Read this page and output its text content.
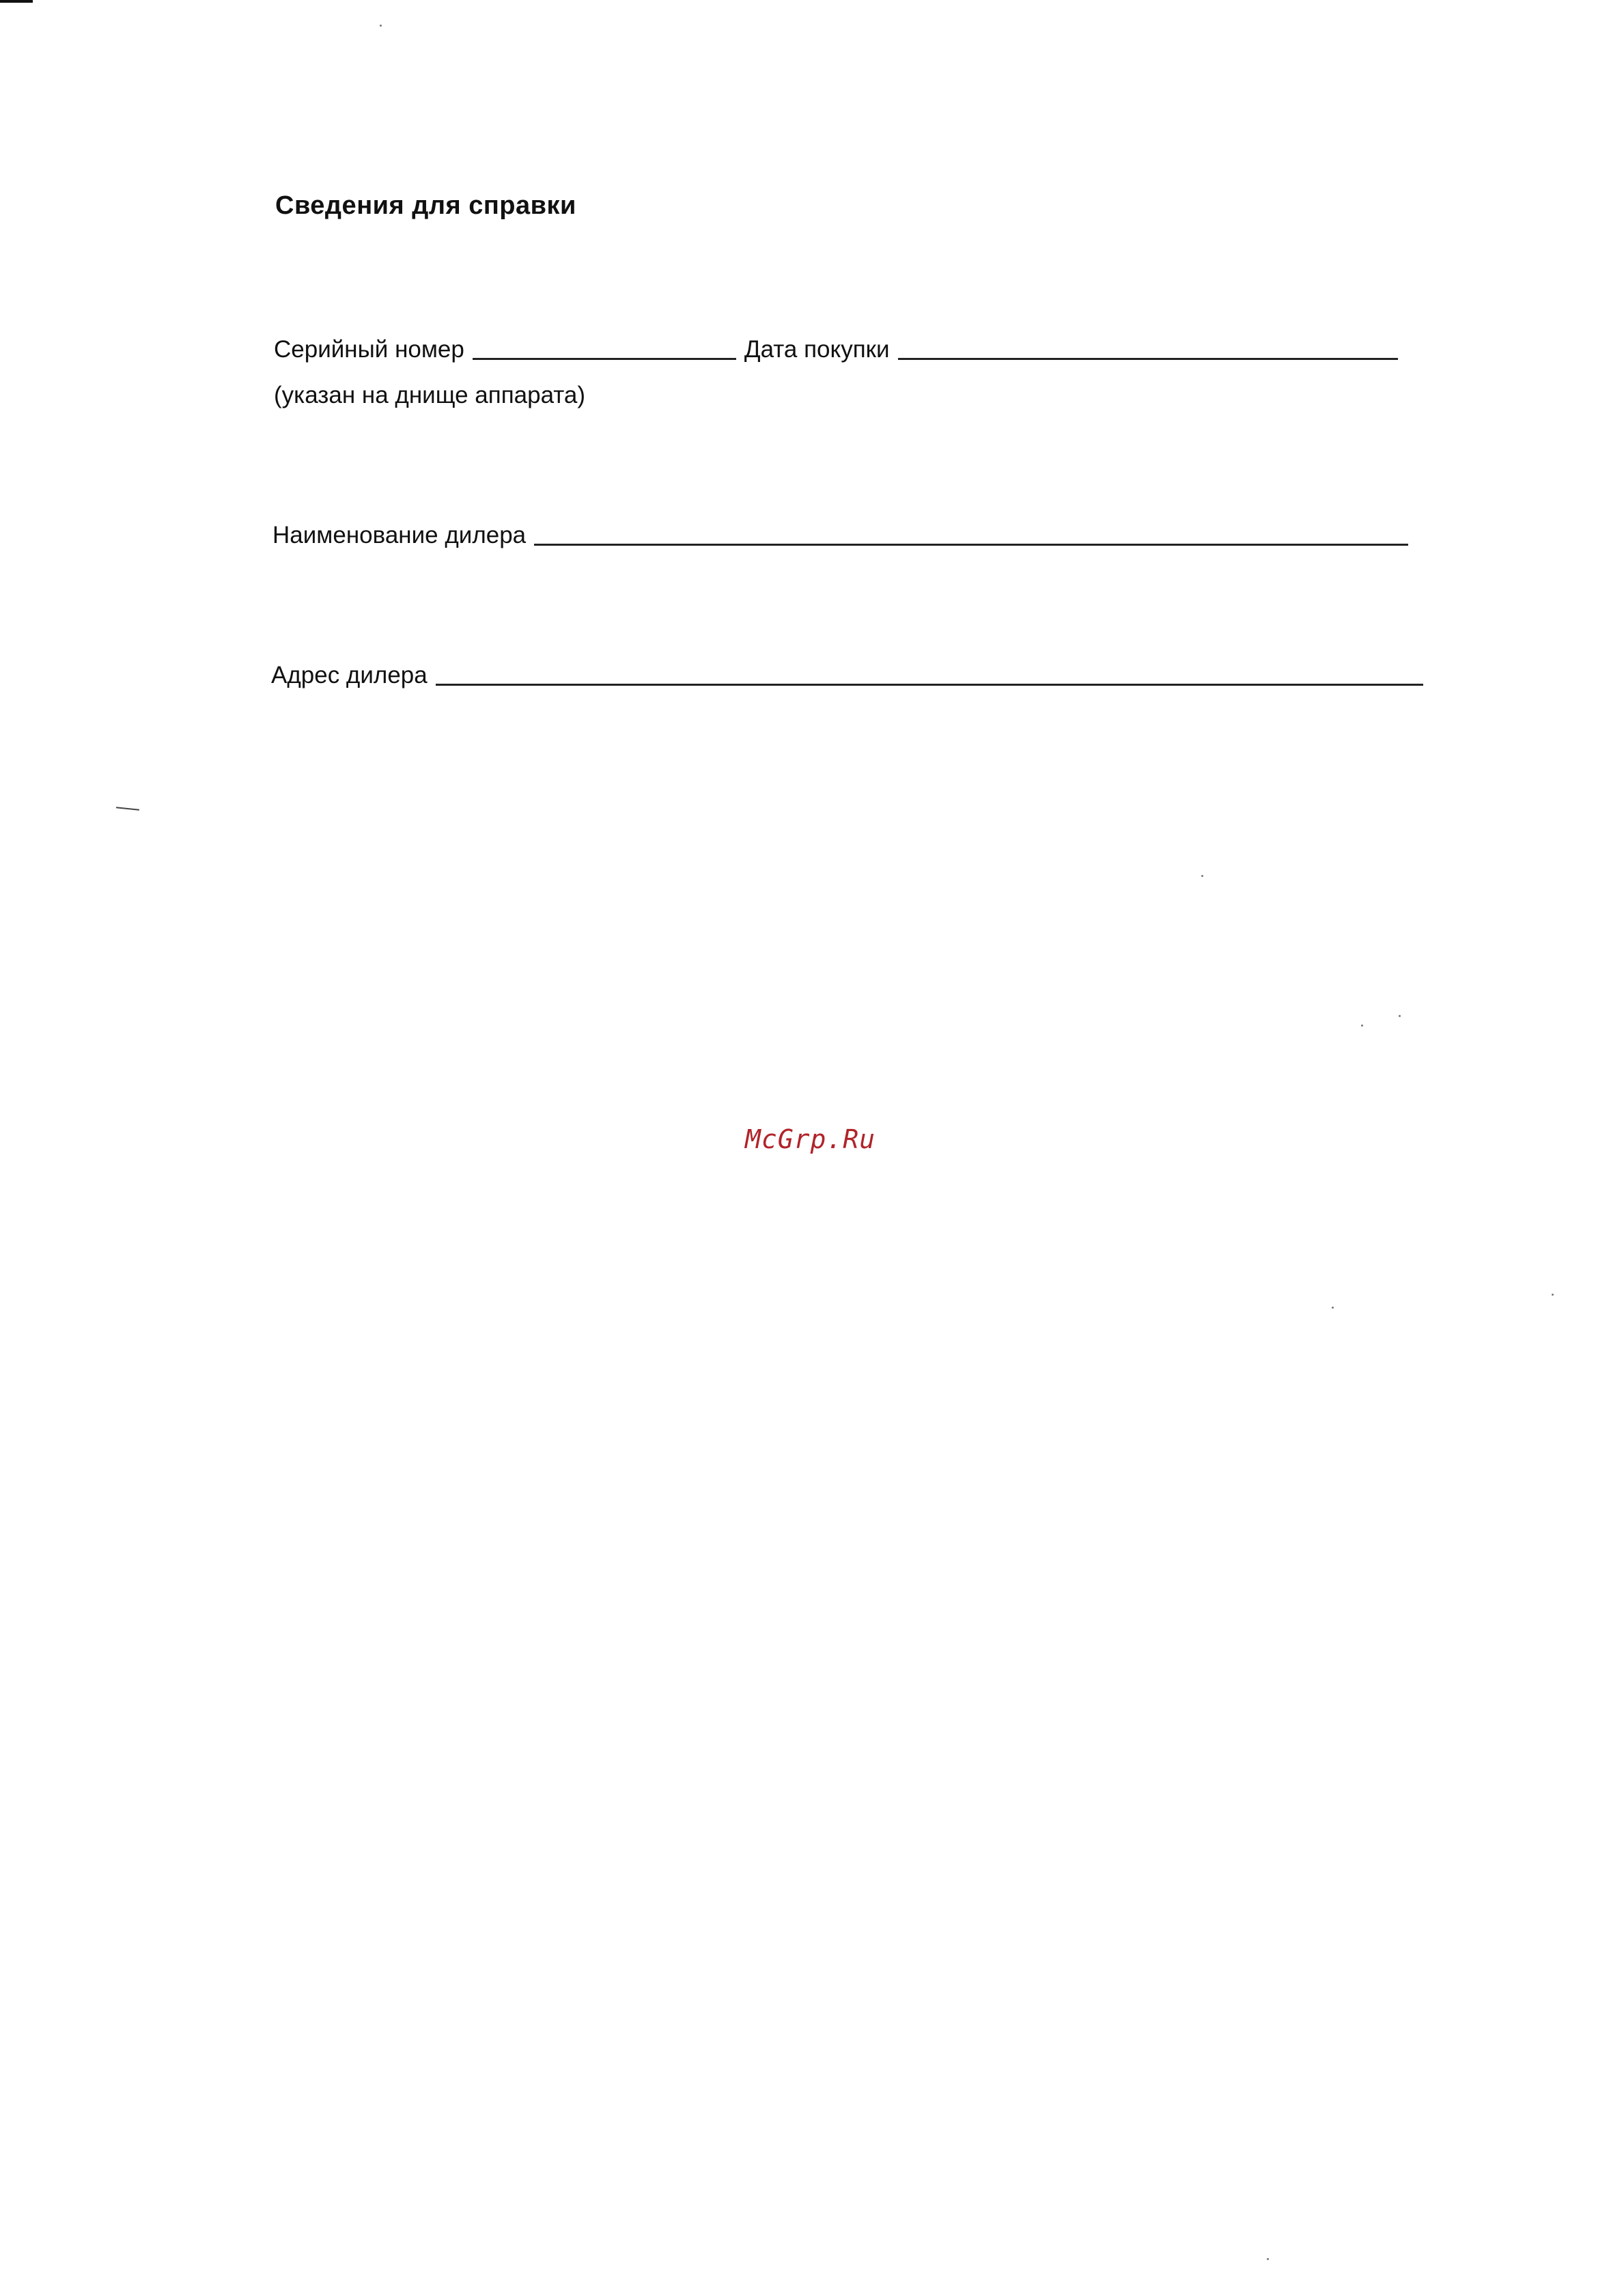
Сведения для справки
Серийный номер	Дата покупки
(указан на днище аппарата)
Наименование дилера
Адрес дилера
McGrp.Ru
